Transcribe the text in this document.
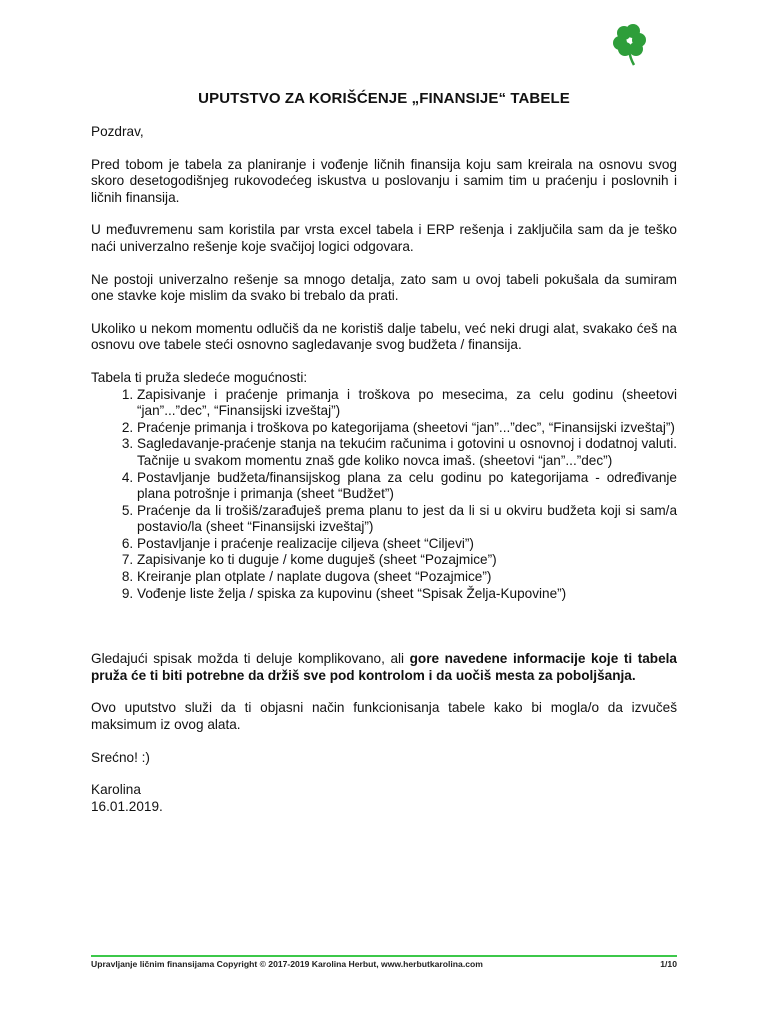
UPUTSTVO ZA KORIŠĆENJE „FINANSIJE“ TABELE

Pozdrav,

Pred tobom je tabela za planiranje i vođenje ličnih finansija koju sam kreirala na osnovu svog skoro desetogodišnjeg rukovodećeg iskustva u poslovanju i samim tim u praćenju i poslovnih i ličnih finansija.

U međuvremenu sam koristila par vrsta excel tabela i ERP rešenja i zaključila sam da je teško naći univerzalno rešenje koje svačijoj logici odgovara.

Ne postoji univerzalno rešenje sa mnogo detalja, zato sam u ovoj tabeli pokušala da sumiram one stavke koje mislim da svako bi trebalo da prati.

Ukoliko u nekom momentu odlučiš da ne koristiš dalje tabelu, već neki drugi alat, svakako ćeš na osnovu ove tabele steći osnovno sagledavanje svog budžeta / finansija.

Tabela ti pruža sledeće mogućnosti:

1. Zapisivanje i praćenje primanja i troškova po mesecima, za celu godinu (sheetovi “jan”...”dec”, “Finansijski izveštaj”)
2. Praćenje primanja i troškova po kategorijama (sheetovi “jan”...”dec”, “Finansijski izveštaj”)
3. Sagledavanje-praćenje stanja na tekućim računima i gotovini u osnovnoj i dodatnoj valuti. Tačnije u svakom momentu znaš gde koliko novca imaš. (sheetovi “jan”...”dec”)
4. Postavljanje budžeta/finansijskog plana za celu godinu po kategorijama - određivanje plana potrošnje i primanja (sheet “Budžet”)
5. Praćenje da li trošiš/zarađuješ prema planu to jest da li si u okviru budžeta koji si sam/a postavio/la (sheet “Finansijski izveštaj”)
6. Postavljanje i praćenje realizacije ciljeva (sheet “Ciljevi”)
7. Zapisivanje ko ti duguje / kome duguješ (sheet “Pozajmice”)
8. Kreiranje plan otplate / naplate dugova (sheet “Pozajmice”)
9. Vođenje liste želja / spiska za kupovinu (sheet “Spisak Želja-Kupovine”)

Gledajući spisak možda ti deluje komplikovano, ali gore navedene informacije koje ti tabela pruža će ti biti potrebne da držiš sve pod kontrolom i da uočiš mesta za poboljšanja.

Ovo uputstvo služi da ti objasni način funkcionisanja tabele kako bi mogla/o da izvučeš maksimum iz ovog alata.

Srećno! :)

Karolina

16.01.2019.

Upravljanje ličnim finansijama Copyright © 2017-2019 Karolina Herbut, www.herbutkarolina.com	1/10
